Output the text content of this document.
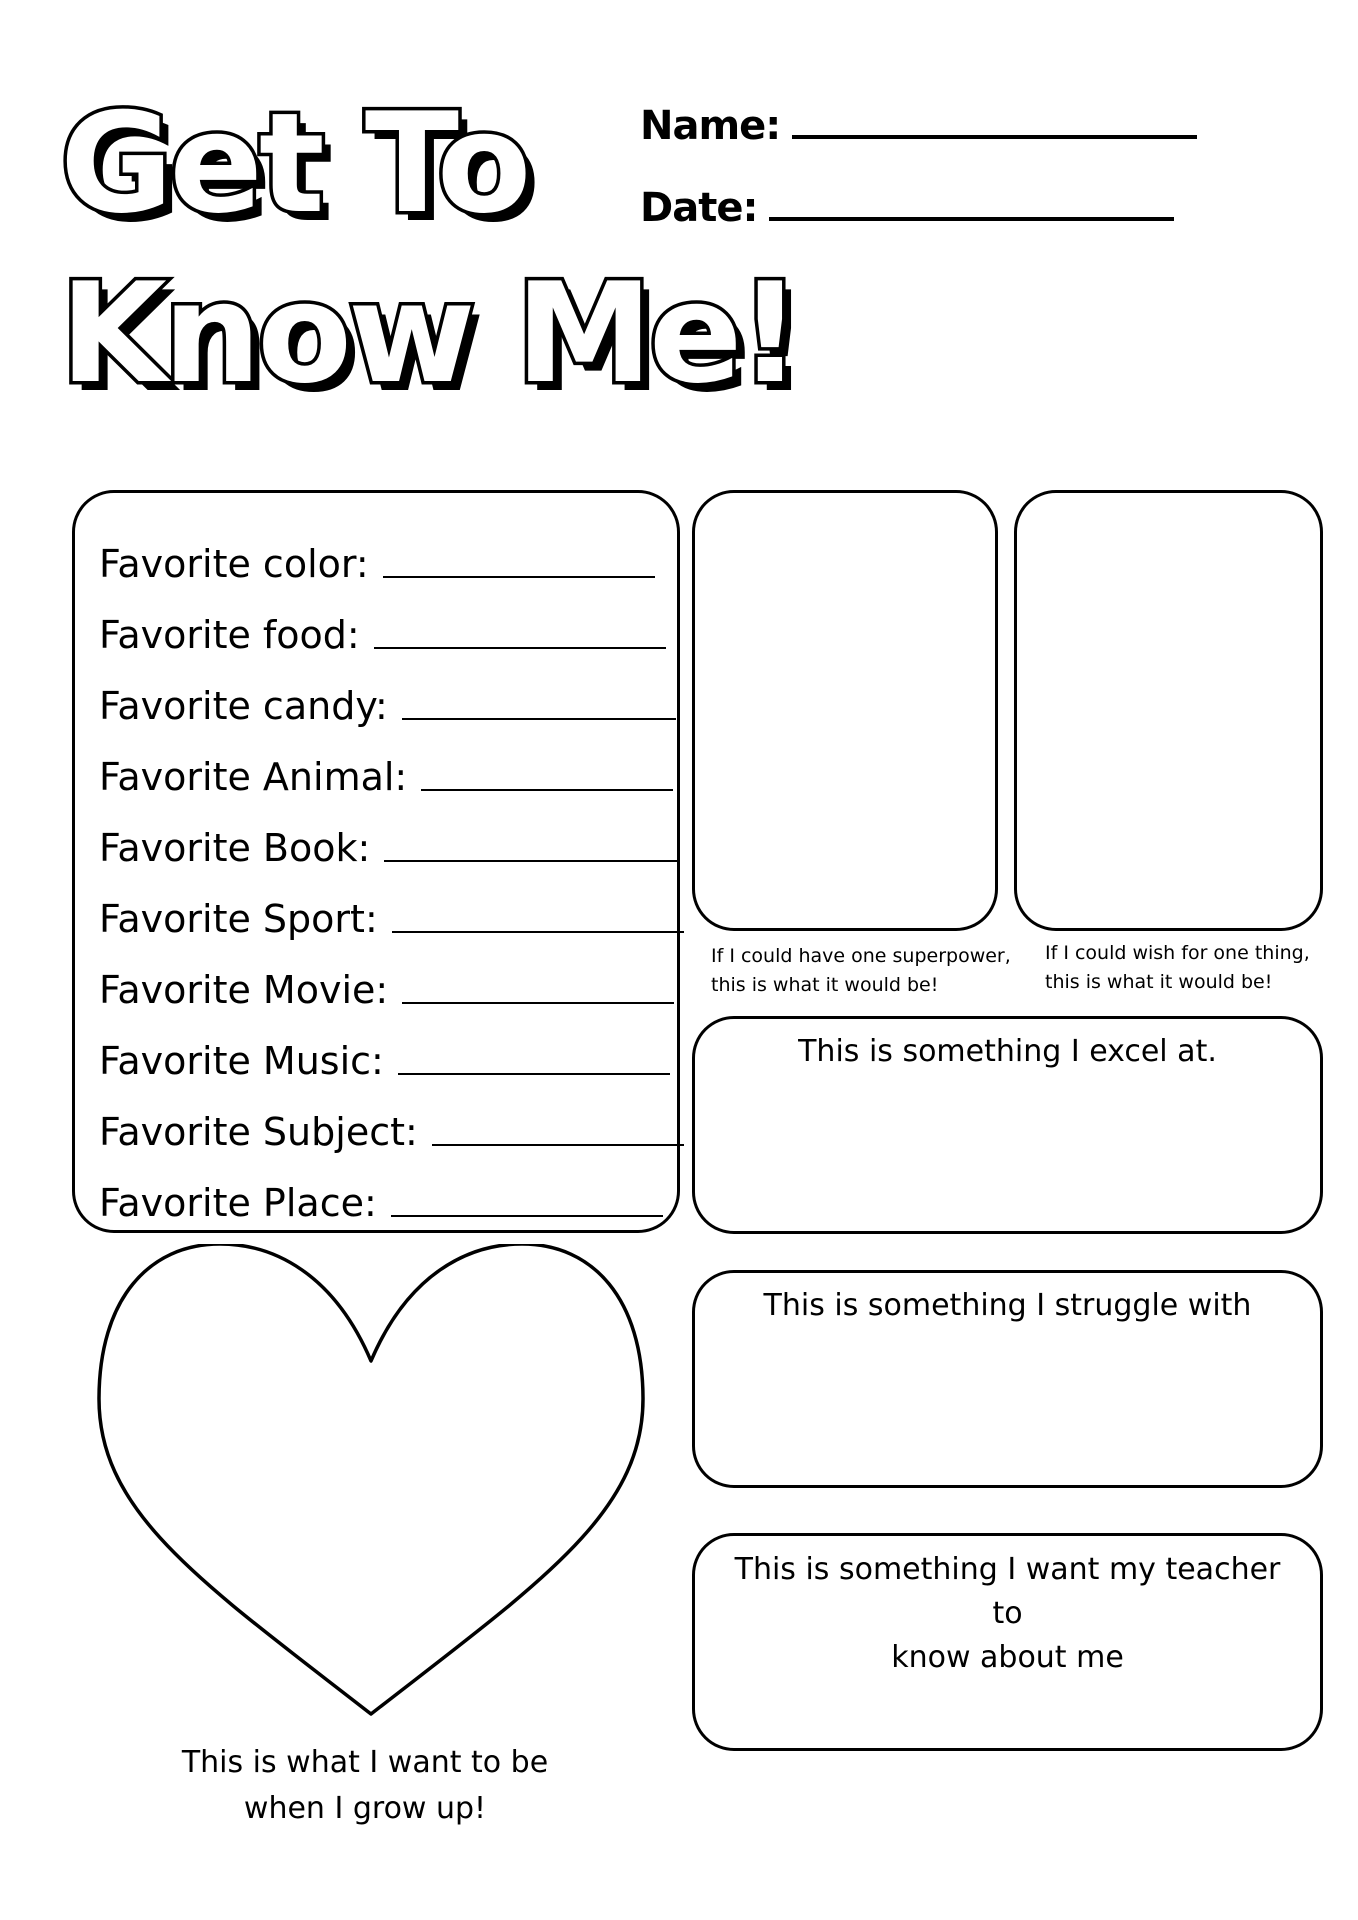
Get To
Know Me!
Name:
Date:
Favorite color:
Favorite food:
Favorite candy:
Favorite Animal:
Favorite Book:
Favorite Sport:
Favorite Movie:
Favorite Music:
Favorite Subject:
Favorite Place:
If I could have one superpower,
this is what it would be!
If I could wish for one thing,
this is what it would be!
This is something I excel at.
This is something I struggle with
This is something I want my teacher to
know about me
This is what I want to be
when I grow up!
